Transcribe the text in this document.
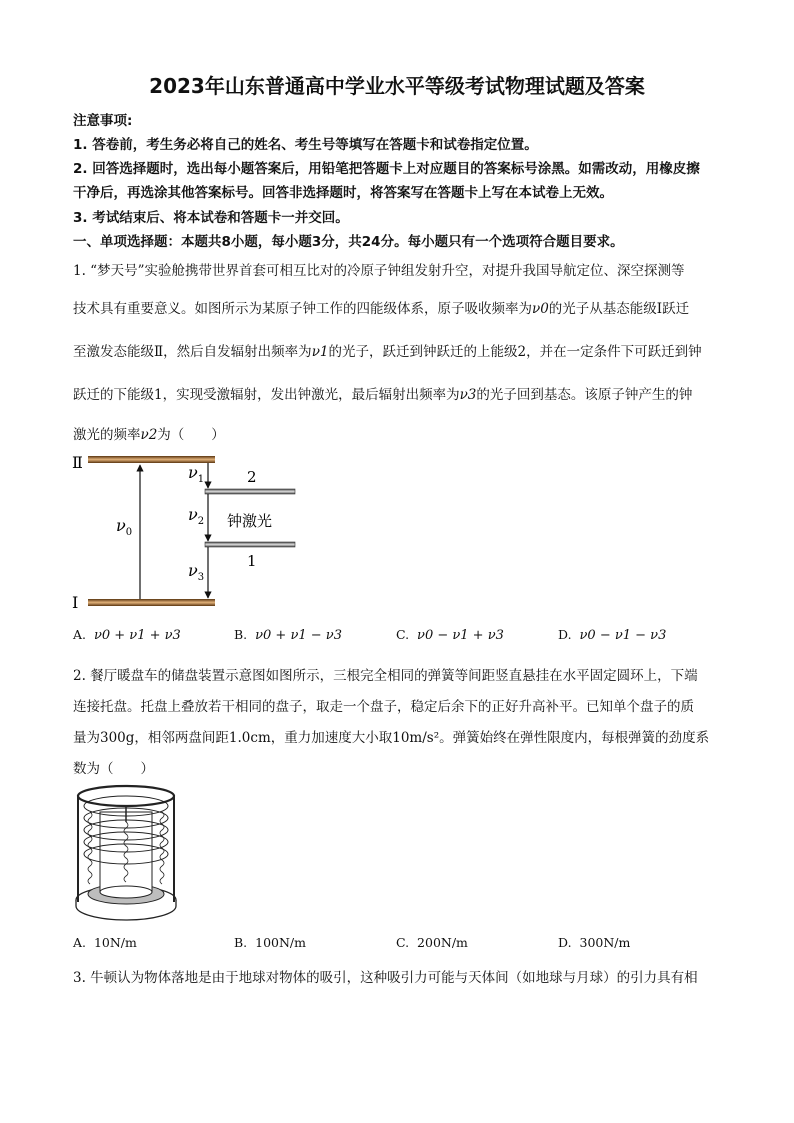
2023年山东普通高中学业水平等级考试物理试题及答案
注意事项:
1. 答卷前，考生务必将自己的姓名、考生号等填写在答题卡和试卷指定位置。
2. 回答选择题时，选出每小题答案后，用铅笔把答题卡上对应题目的答案标号涂黑。如需改动，用橡皮擦
干净后，再选涂其他答案标号。回答非选择题时，将答案写在答题卡上写在本试卷上无效。
3. 考试结束后、将本试卷和答题卡一并交回。
一、单项选择题：本题共8小题，每小题3分，共24分。每小题只有一个选项符合题目要求。
1. “梦天号”实验舱携带世界首套可相互比对的冷原子钟组发射升空，对提升我国导航定位、深空探测等
技术具有重要意义。如图所示为某原子钟工作的四能级体系，原子吸收频率为ν0的光子从基态能级Ⅰ跃迁
至激发态能级Ⅱ，然后自发辐射出频率为ν1的光子，跃迁到钟跃迁的上能级2，并在一定条件下可跃迁到钟
跃迁的下能级1，实现受激辐射，发出钟激光，最后辐射出频率为ν3的光子回到基态。该原子钟产生的钟
激光的频率ν2为（　　）
Ⅱ
Ⅰ
$\nu_0$
$\nu_1$
$\nu_2$
$\nu_3$
2
1
钟激光
A. ν0 + ν1 + ν3	B. ν0 + ν1 − ν3	C. ν0 − ν1 + ν3	D. ν0 − ν1 − ν3
2. 餐厅暖盘车的储盘装置示意图如图所示，三根完全相同的弹簧等间距竖直悬挂在水平固定圆环上，下端
连接托盘。托盘上叠放若干相同的盘子，取走一个盘子，稳定后余下的正好升高补平。已知单个盘子的质
量为300g，相邻两盘间距1.0cm，重力加速度大小取10m/s²。弹簧始终在弹性限度内，每根弹簧的劲度系
数为（　　）
A. 10N/m	B. 100N/m	C. 200N/m	D. 300N/m
3. 牛顿认为物体落地是由于地球对物体的吸引，这种吸引力可能与天体间（如地球与月球）的引力具有相
